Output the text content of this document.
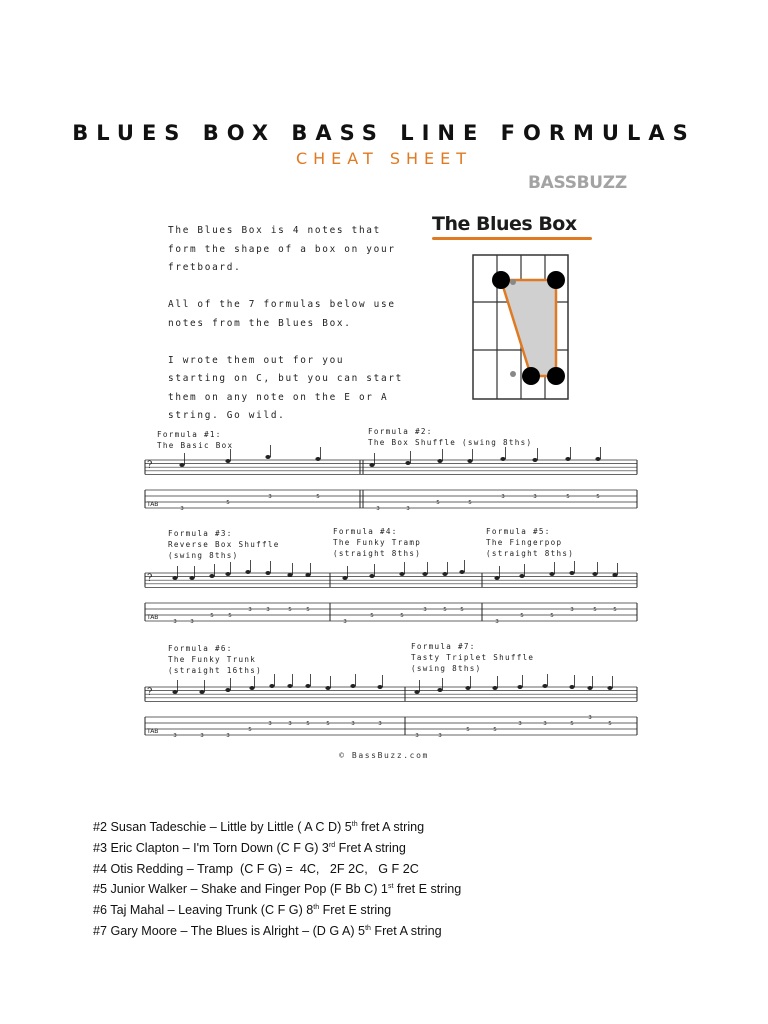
BLUES BOX BASS LINE FORMULAS
CHEAT SHEET
BASSBUZZ

The Blues Box is 4 notes that form the shape of a box on your fretboard.

All of the 7 formulas below use notes from the Blues Box.

I wrote them out for you starting on C, but you can start them on any note on the E or A string. Go wild.

The Blues Box
Formula #1:
The Basic Box
Formula #2:
The Box Shuffle (swing 8ths)
Formula #3:
Reverse Box Shuffle
(swing 8ths)
Formula #4:
The Funky Tramp
(straight 8ths)
Formula #5:
The Fingerpop
(straight 8ths)
Formula #6:
The Funky Trunk
(straight 16ths)
Formula #7:
Tasty Triplet Shuffle
(swing 8ths)
?
TAB
3
5
3	5
3	3
5	5
3	3	5	5
?
TAB
3 3
5	5
3	3	5	5
3
5	5
3	5 5
3
5	5
3	5	5
?
TAB
3	3	3
5
3	3	5	5	3	3
3	3
5	5
3	3	5
3
5
© BassBuzz.com
#2 Susan Tadeschie – Little by Little ( A C D) 5th fret A string
#3 Eric Clapton – I'm Torn Down (C F G) 3rd Fret A string
#4 Otis Redding – Tramp  (C F G) =  4C,   2F 2C,   G F 2C
#5 Junior Walker – Shake and Finger Pop (F Bb C) 1st fret E string
#6 Taj Mahal – Leaving Trunk (C F G) 8th Fret E string
#7 Gary Moore – The Blues is Alright – (D G A) 5th Fret A string
